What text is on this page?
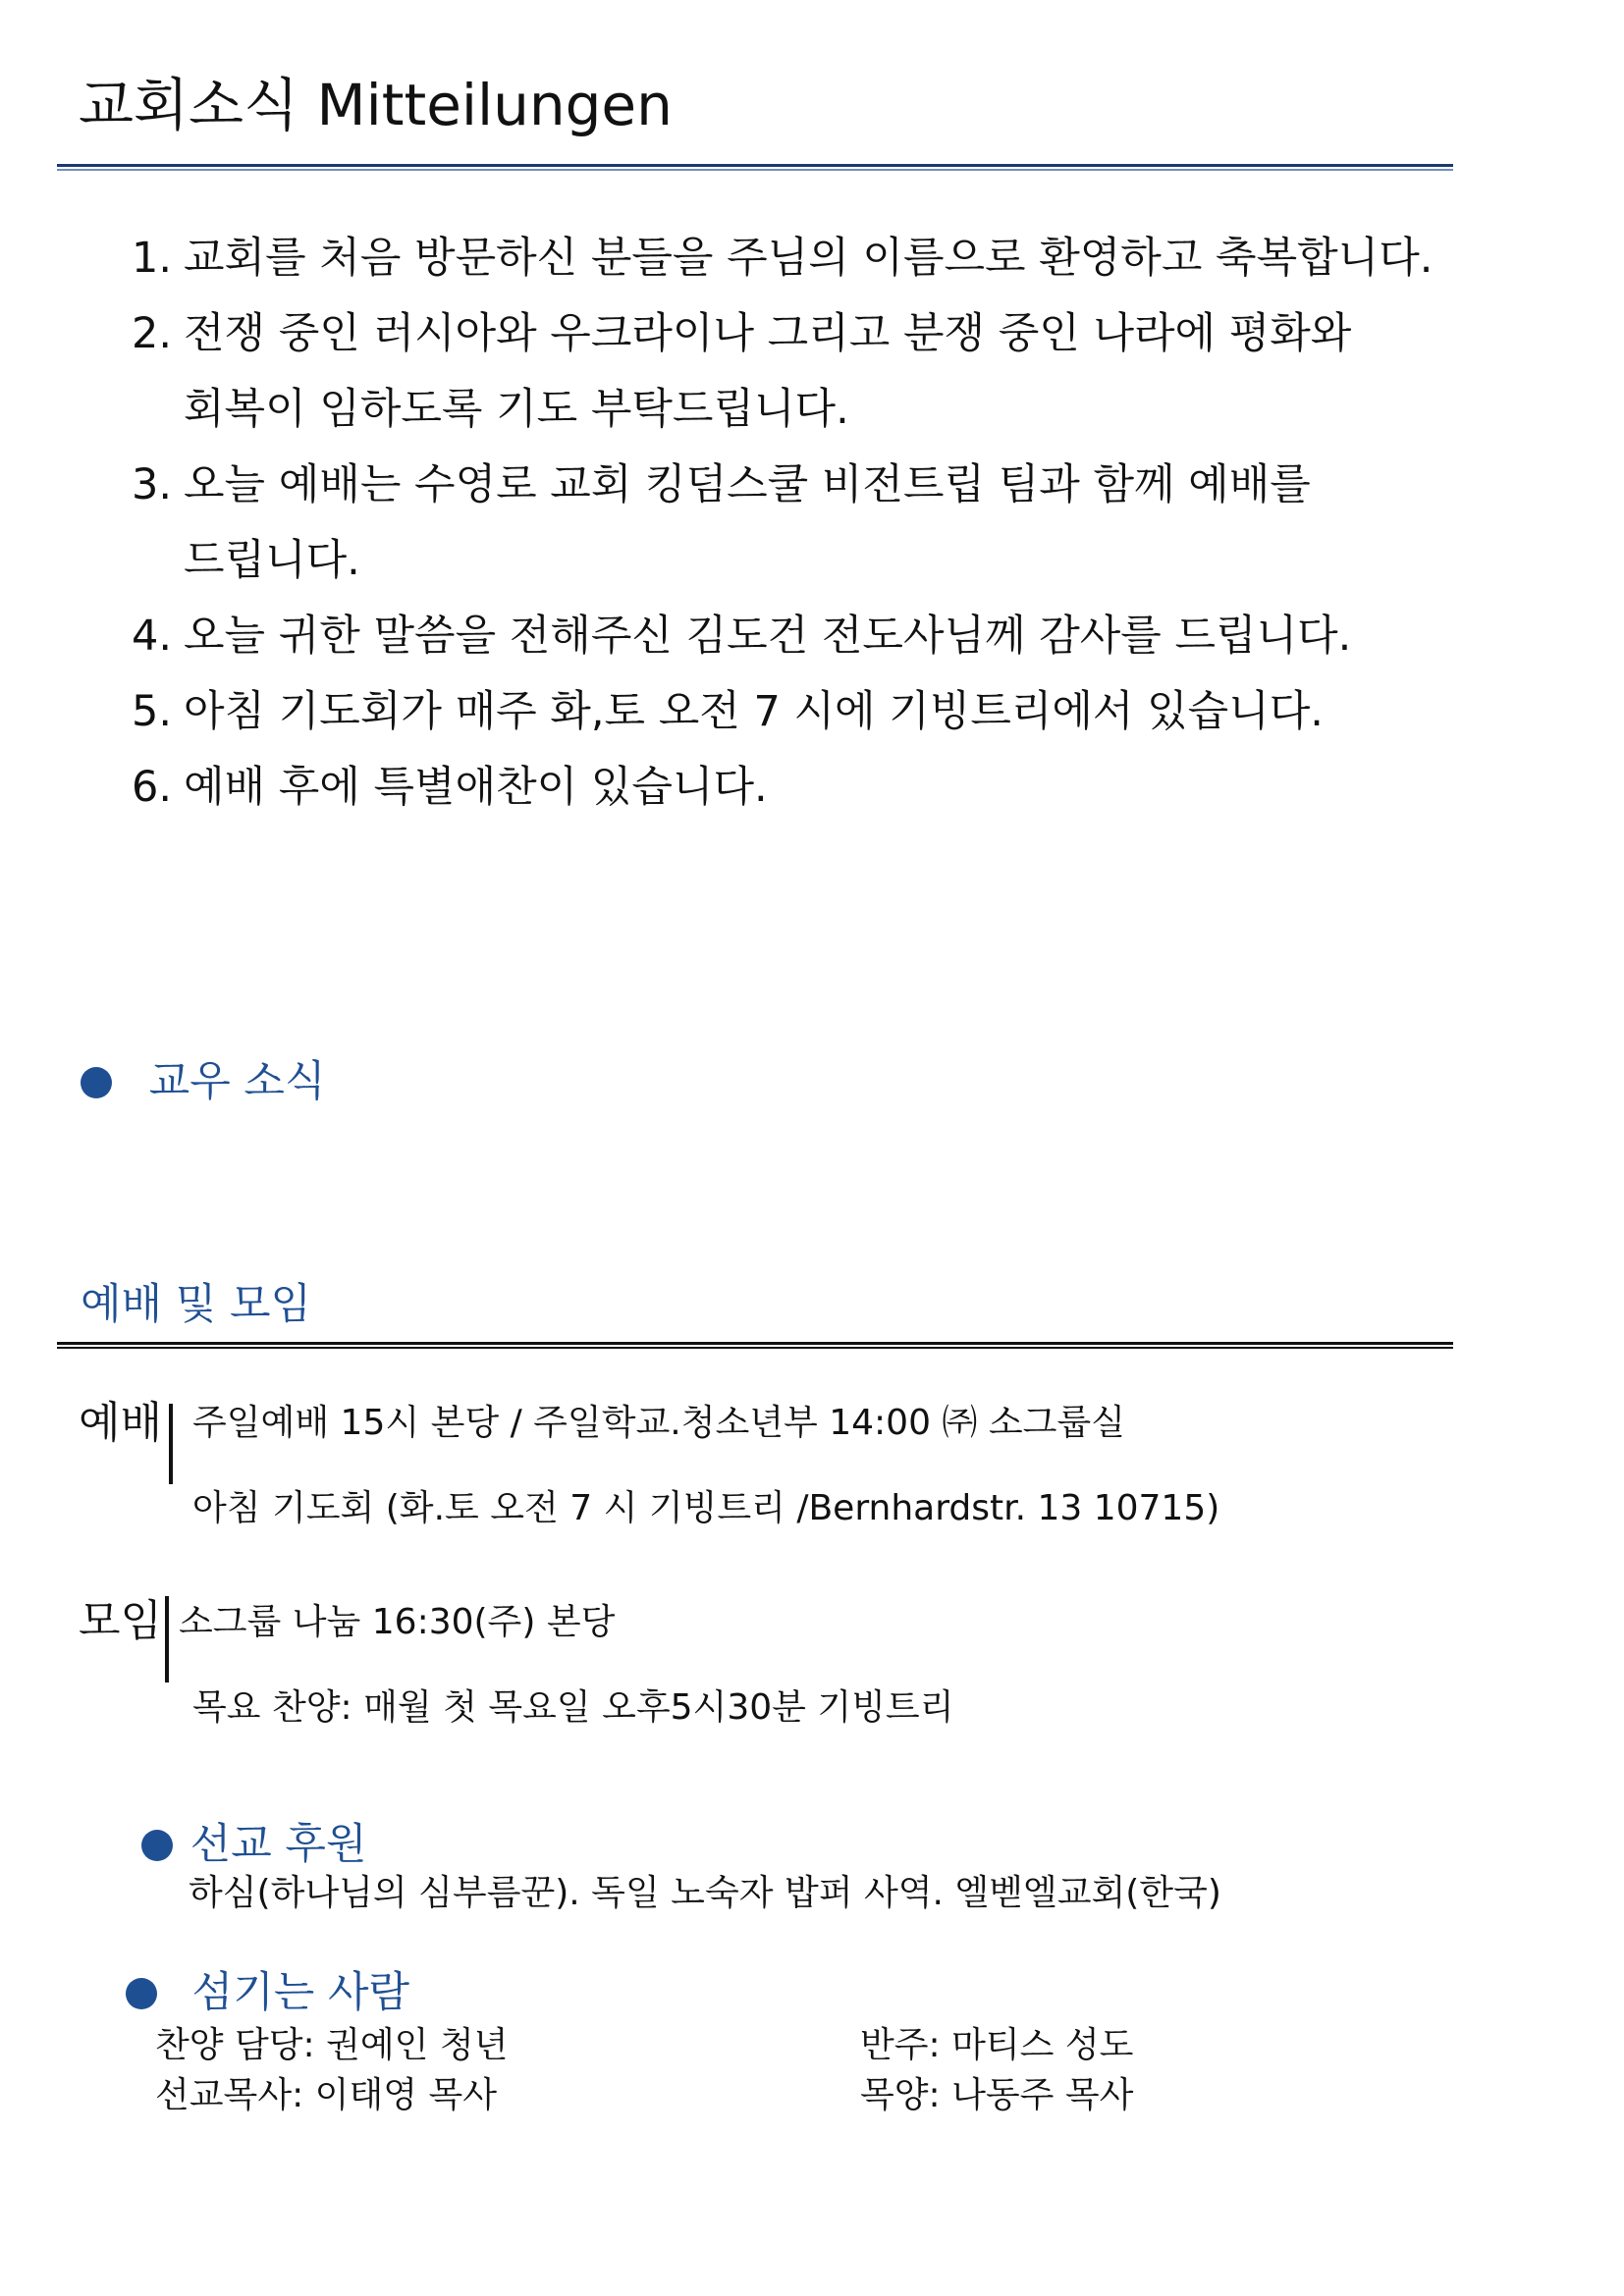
교회소식 Mitteilungen
1. 교회를 처음 방문하신 분들을 주님의 이름으로 환영하고 축복합니다.
2. 전쟁 중인 러시아와 우크라이나 그리고 분쟁 중인 나라에 평화와
회복이 임하도록 기도 부탁드립니다.
3. 오늘 예배는 수영로 교회 킹덤스쿨 비전트립 팀과 함께 예배를
드립니다.
4. 오늘 귀한 말씀을 전해주신 김도건 전도사님께 감사를 드립니다.
5. 아침 기도회가 매주 화,토 오전 7 시에 기빙트리에서 있습니다.
6. 예배 후에 특별애찬이 있습니다.
교우 소식
예배 및 모임
예배 주일예배 15시 본당 / 주일학교.청소년부 14:00 ㈜ 소그룹실
아침 기도회 (화.토 오전 7 시 기빙트리 /Bernhardstr. 13 10715)
모임 소그룹 나눔 16:30(주) 본당
목요 찬양: 매월 첫 목요일 오후5시30분 기빙트리
선교 후원
하심(하나님의 심부름꾼). 독일 노숙자 밥퍼 사역. 엘벧엘교회(한국)
섬기는 사람
찬양 담당: 권예인 청년
선교목사: 이태영 목사
반주: 마티스 성도
목양: 나동주 목사
